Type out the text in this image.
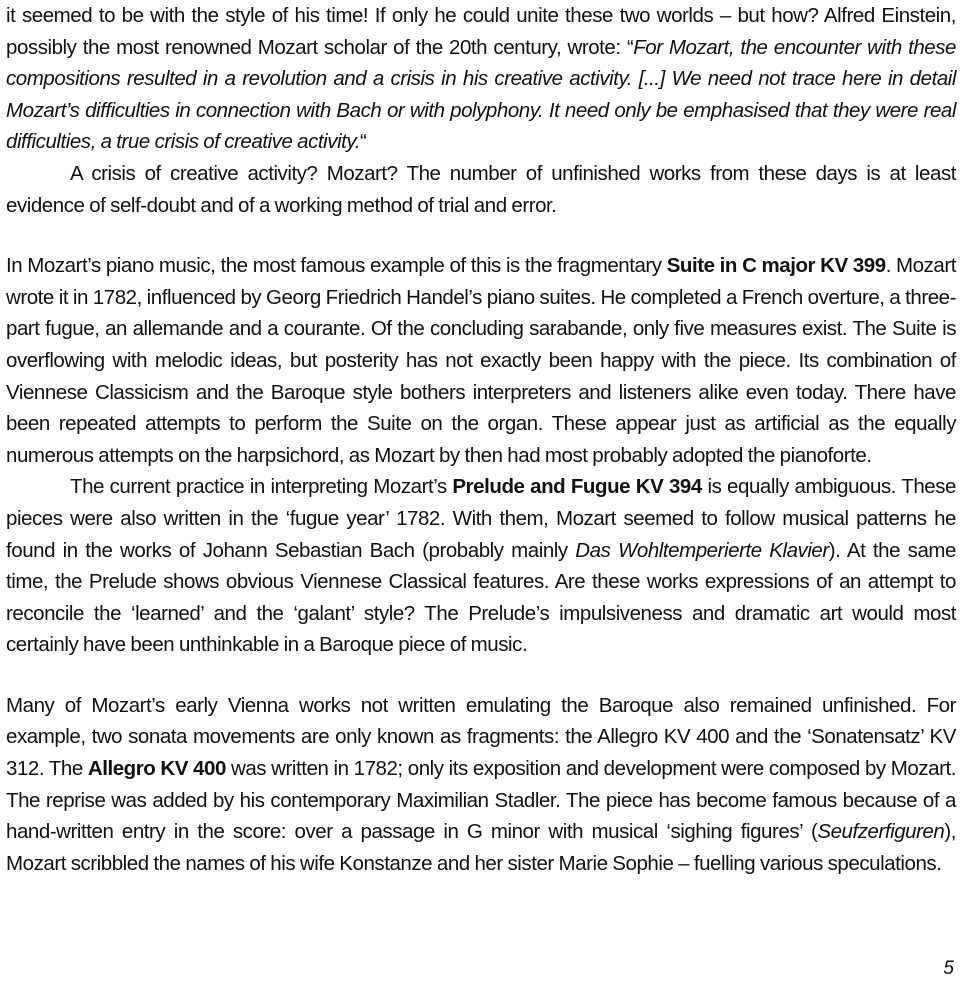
it seemed to be with the style of his time! If only he could unite these two worlds – but how? Alfred Einstein, possibly the most renowned Mozart scholar of the 20th century, wrote: “For Mozart, the encounter with these compositions resulted in a revolution and a crisis in his creative activity. [...] We need not trace here in detail Mozart’s difficulties in connection with Bach or with polyphony. It need only be emphasised that they were real difficulties, a true crisis of creative activity.“

A crisis of creative activity? Mozart? The number of unfinished works from these days is at least evidence of self-doubt and of a working method of trial and error.

In Mozart’s piano music, the most famous example of this is the fragmentary Suite in C major KV 399. Mozart wrote it in 1782, influenced by Georg Friedrich Handel’s piano suites. He completed a French overture, a three-part fugue, an allemande and a courante. Of the concluding sarabande, only five measures exist. The Suite is overflowing with melodic ideas, but posterity has not exactly been happy with the piece. Its combination of Viennese Classicism and the Baroque style bothers interpreters and listeners alike even today. There have been repeated attempts to perform the Suite on the organ. These appear just as artificial as the equally numerous attempts on the harpsichord, as Mozart by then had most probably adopted the pianoforte.

The current practice in interpreting Mozart’s Prelude and Fugue KV 394 is equally ambiguous. These pieces were also written in the ‘fugue year’ 1782. With them, Mozart seemed to follow musical patterns he found in the works of Johann Sebastian Bach (probably mainly Das Wohltemperierte Klavier). At the same time, the Prelude shows obvious Viennese Classical features. Are these works expressions of an attempt to reconcile the ‘learned’ and the ‘galant’ style? The Prelude’s impulsiveness and dramatic art would most certainly have been unthinkable in a Baroque piece of music.

Many of Mozart’s early Vienna works not written emulating the Baroque also remained unfinished. For example, two sonata movements are only known as fragments: the Allegro KV 400 and the ‘Sonatensatz’ KV 312. The Allegro KV 400 was written in 1782; only its exposition and development were composed by Mozart. The reprise was added by his contemporary Maximilian Stadler. The piece has become famous because of a hand-written entry in the score: over a passage in G minor with musical ‘sighing figures’ (Seufzerfiguren), Mozart scribbled the names of his wife Konstanze and her sister Marie Sophie – fuelling various speculations.

5
